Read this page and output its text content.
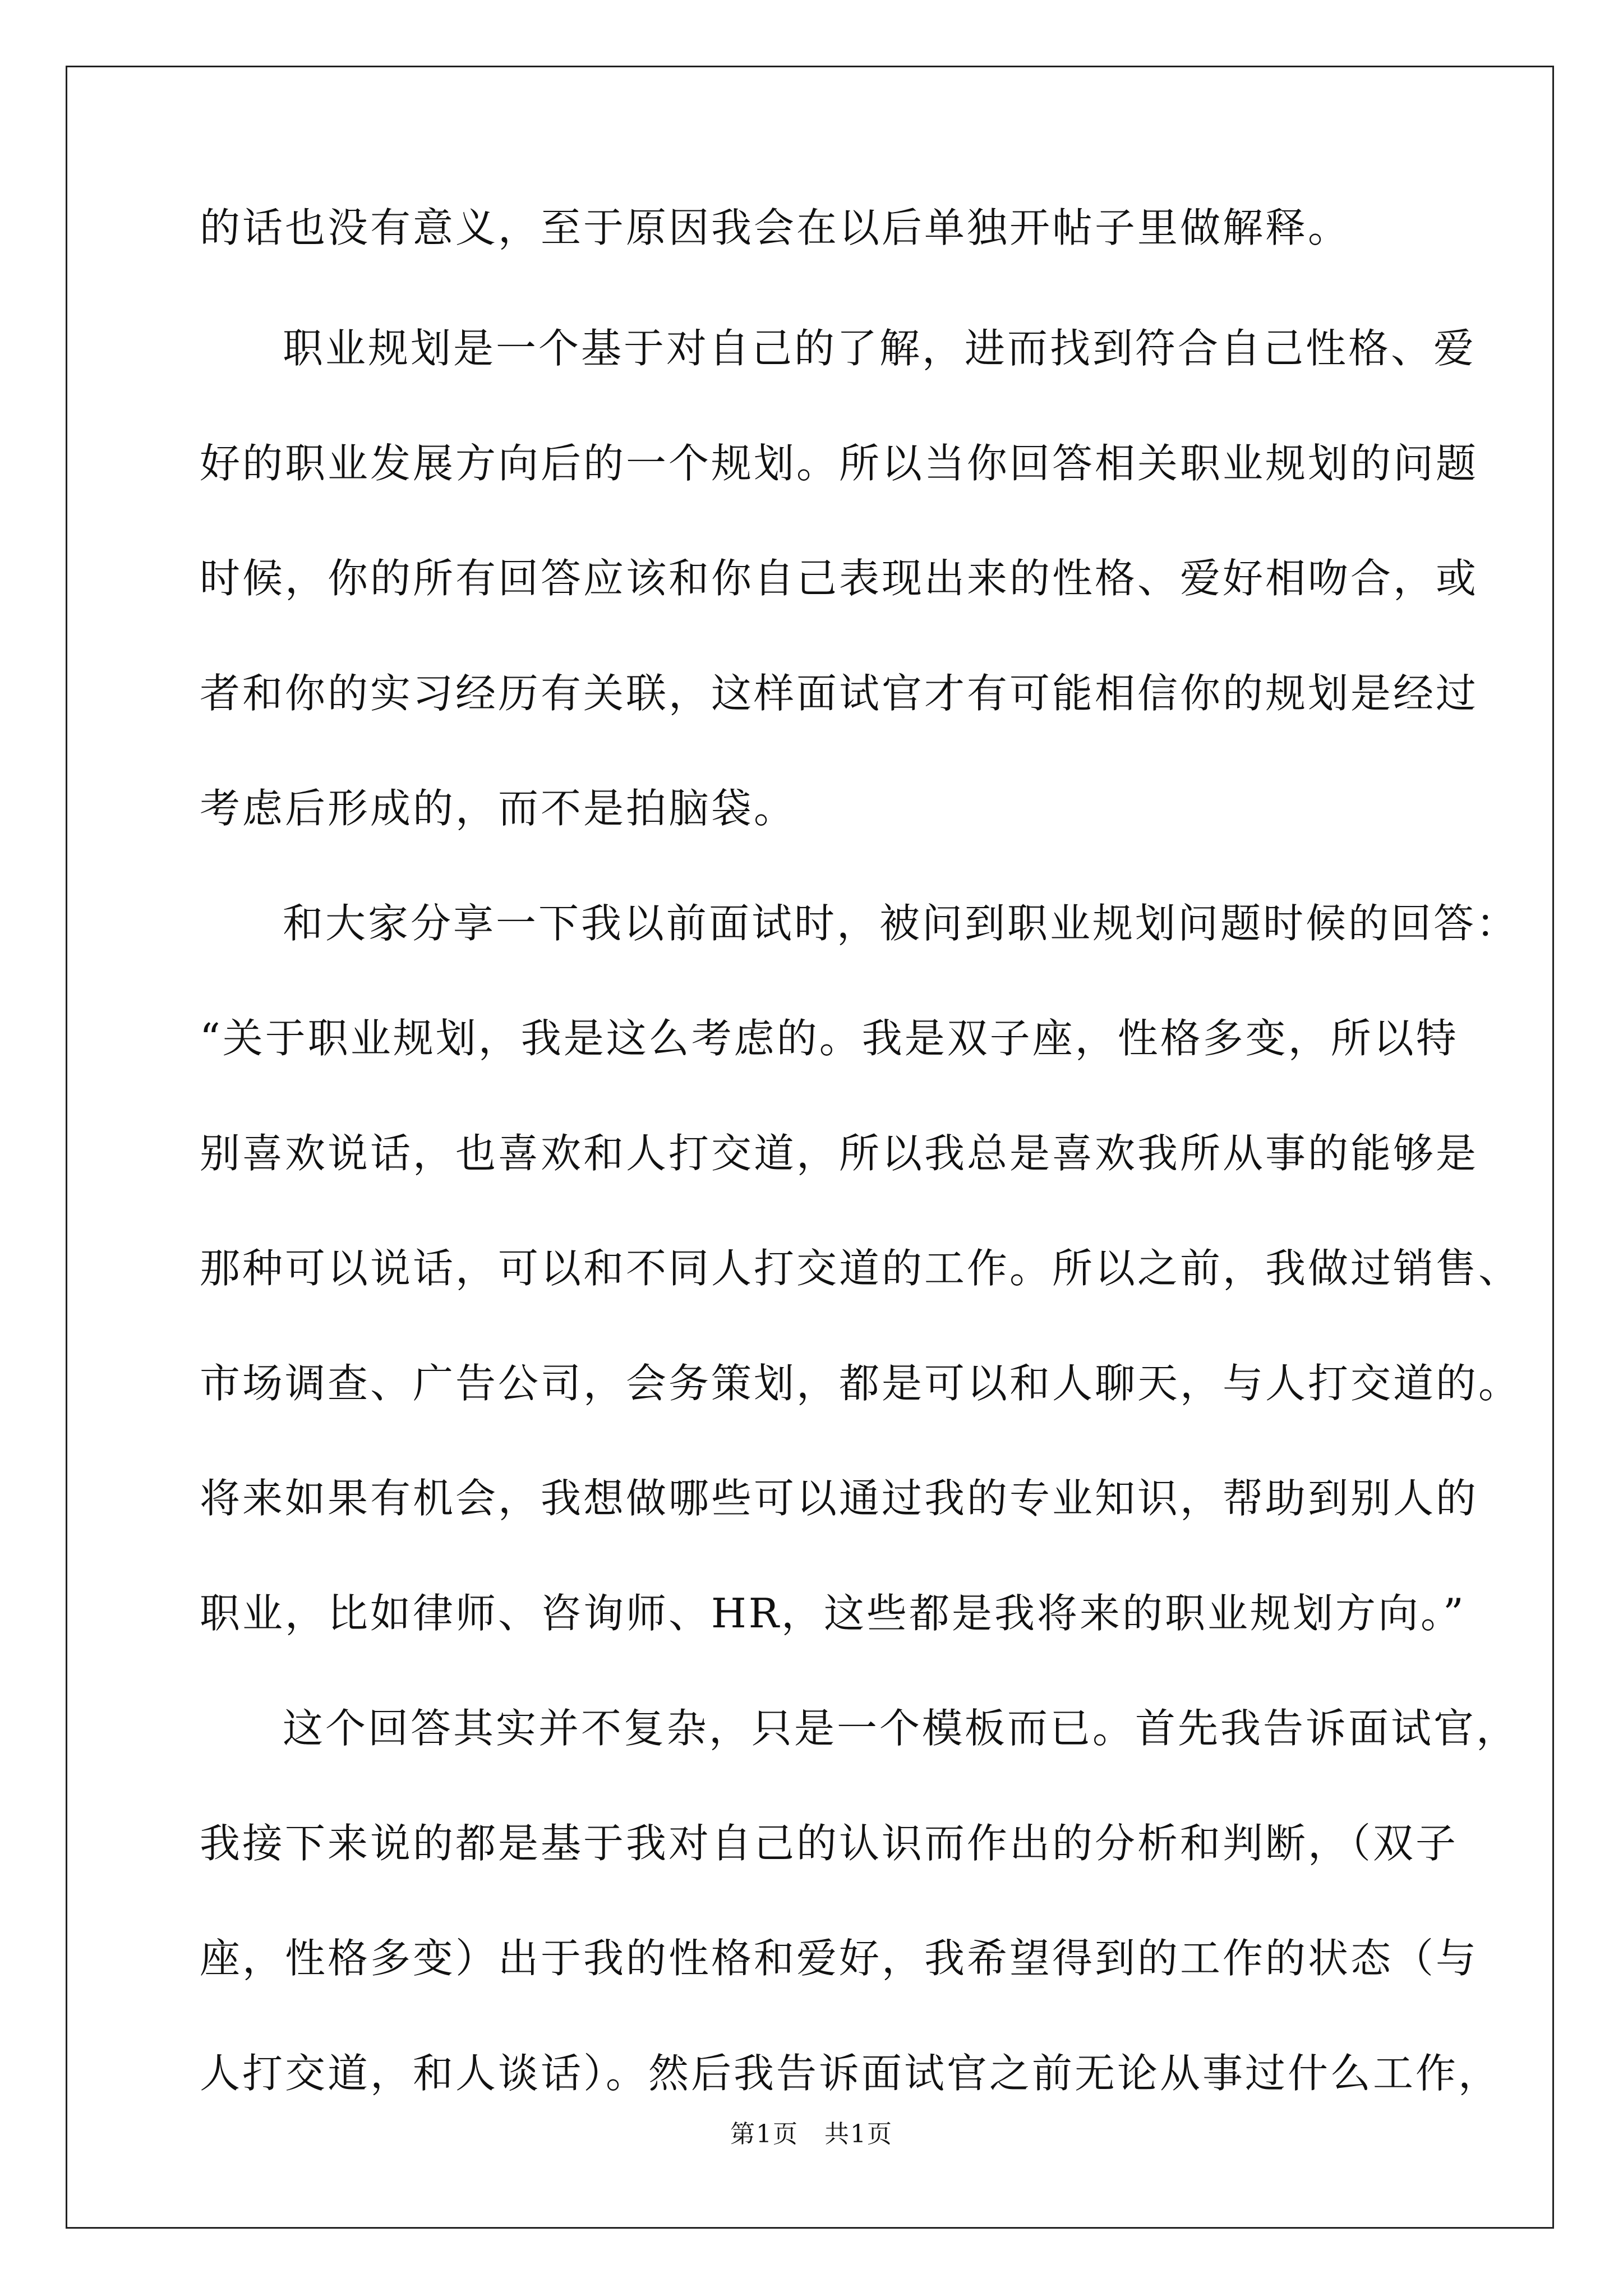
的话也没有意义，至于原因我会在以后单独开帖子里做解释。
职业规划是一个基于对自己的了解，进而找到符合自己性格、爱
好的职业发展方向后的一个规划。所以当你回答相关职业规划的问题
时候，你的所有回答应该和你自己表现出来的性格、爱好相吻合，或
者和你的实习经历有关联，这样面试官才有可能相信你的规划是经过
考虑后形成的，而不是拍脑袋。
和大家分享一下我以前面试时，被问到职业规划问题时候的回答：
“关于职业规划，我是这么考虑的。我是双子座，性格多变，所以特
别喜欢说话，也喜欢和人打交道，所以我总是喜欢我所从事的能够是
那种可以说话，可以和不同人打交道的工作。所以之前，我做过销售、
市场调查、广告公司，会务策划，都是可以和人聊天，与人打交道的。
将来如果有机会，我想做哪些可以通过我的专业知识，帮助到别人的
职业，比如律师、咨询师、HR，这些都是我将来的职业规划方向。”
这个回答其实并不复杂，只是一个模板而已。首先我告诉面试官，
我接下来说的都是基于我对自己的认识而作出的分析和判断，（双子
座，性格多变）出于我的性格和爱好，我希望得到的工作的状态（与
人打交道，和人谈话）。然后我告诉面试官之前无论从事过什么工作，
第1页　共1页
